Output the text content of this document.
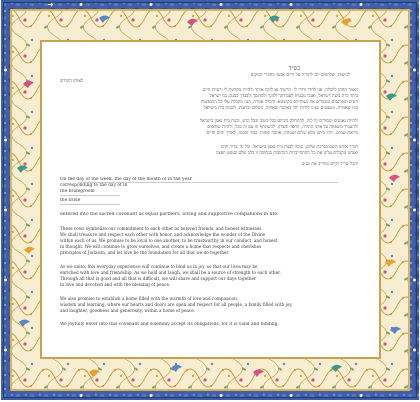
בס״ד
לנישות, שלושים יום לתורה על חיים אנשי כחברי המקום
לאותו הקודש
ויאמר החתן להכלה, אני לדודי ודודי לי. הרשיך נא ליקח אותך ולהיות מקדשת לי ורעיית חיים
ביחד כדת משה וישראל, ואנכי מבטיח לעבודתך ולזונך ולפרנסך ולכבדך כמנהג בני ישראל
הזנים ומפרנסים ומכבדים את נשותיהם בקושטא. והכלה אמרה, הנני מקבלת עלי כל ההסכמות
כמו שאמרת. ונשבעים שנינו לחיות יחד באהבה ובאחוה, בשלום וברעות, ולבנות בית בישראל
ולהיות נאמנים ומסורים זה לזה, להתחלק ביניהם בכל הטוב ובכל הרע, ובנות בית נאמן בישראל
ולהעמיד משפחה על אדני התורה, החסד והצדק. להשתתף זה עם זה בכל, ולהיות שותפים
ביראת שמים. ויהיו ביתנו מלא שלום ושמחה, אהבה ואחוה, כבוד והבנה, לאורך ימים וחיים
ויברך אותנו השם בברכת שלום, ונזכה לבנות בית נאמן בישראל. וכל זה שריר וקים
ואנחנו מקבלים עלינו את כל ההתחייבויות הכתובות בכתובה זו בלב שלם ובנפש חפצה
והכל שריר וקיים ומחייב את שנינו
On the day of the week, the day of the month of in the year
corresponding to the day of in
the bridegroom
the bride
entered into the sacred covenant as equal partners, loving and supportive companions in life.
These vows symbolize our commitment to each other as beloved friends, and honest witnesses.
We shall treasure and respect each other with honor, and acknowledge the wonder of the Divine
within each of us. We promise to be loyal to one another, to be trustworthy in our conduct, and honest
in thought. We will continue to grow ourselves, and create a home that respects and cherishes
principles of Judaism, and let love be the foundation for all that we do together.
As we unite, this everyday experience will continue to bind us in joy, so that our lives may be
enriched with love and friendship. As we hold and laugh, we shall be a source of strength to each other.
Through all that is good and all that is difficult, we will share and support our days together
in love and devotion and with the blessing of peace.
We also promise to establish a home filled with the warmth of love and compassion,
wisdom and learning, where our hearts and doors are open and respect for all people, a family filled with joy,
and laughter, goodness and generosity, within a home of peace.
We joyfully enter into this covenant and solemnly accept its obligations, for it is valid and binding.
